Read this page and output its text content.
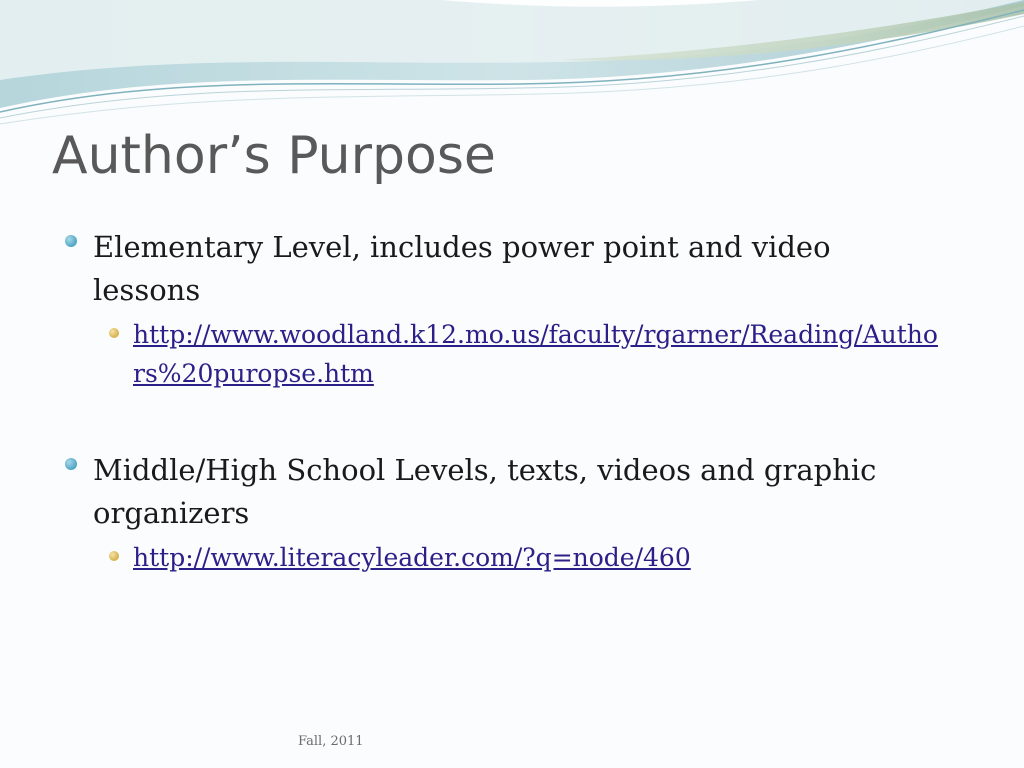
Author’s Purpose
Elementary Level, includes power point and video lessons
http://www.woodland.k12.mo.us/faculty/rgarner/Reading/Authors%20puropse.htm
Middle/High School Levels, texts, videos and graphic organizers
http://www.literacyleader.com/?q=node/460
Fall, 2011
